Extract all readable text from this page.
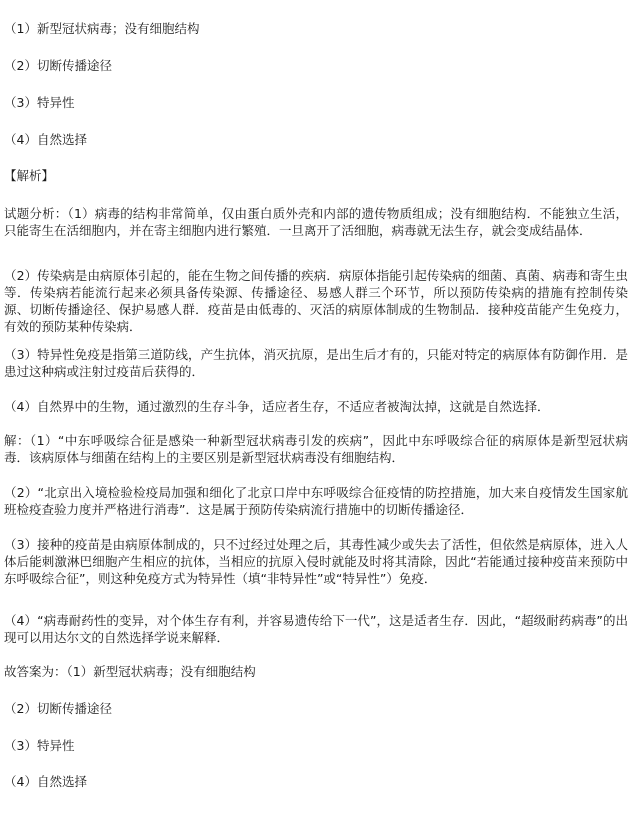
（1）新型冠状病毒；没有细胞结构
（2）切断传播途径
（3）特异性
（4）自然选择
【解析】
试题分析：（1）病毒的结构非常简单，仅由蛋白质外壳和内部的遗传物质组成；没有细胞结构．不能独立生活，只能寄生在活细胞内，并在寄主细胞内进行繁殖．一旦离开了活细胞，病毒就无法生存，就会变成结晶体．
（2）传染病是由病原体引起的，能在生物之间传播的疾病．病原体指能引起传染病的细菌、真菌、病毒和寄生虫等．传染病若能流行起来必须具备传染源、传播途径、易感人群三个环节，所以预防传染病的措施有控制传染源、切断传播途径、保护易感人群．疫苗是由低毒的、灭活的病原体制成的生物制品．接种疫苗能产生免疫力，有效的预防某种传染病．
（3）特异性免疫是指第三道防线，产生抗体，消灭抗原，是出生后才有的，只能对特定的病原体有防御作用．是患过这种病或注射过疫苗后获得的．
（4）自然界中的生物，通过激烈的生存斗争，适应者生存，不适应者被淘汰掉，这就是自然选择．
解：（1）“中东呼吸综合征是感染一种新型冠状病毒引发的疾病”，因此中东呼吸综合征的病原体是新型冠状病毒．该病原体与细菌在结构上的主要区别是新型冠状病毒没有细胞结构．
（2）“北京出入境检验检疫局加强和细化了北京口岸中东呼吸综合征疫情的防控措施，加大来自疫情发生国家航班检疫查验力度并严格进行消毒”．这是属于预防传染病流行措施中的切断传播途径．
（3）接种的疫苗是由病原体制成的，只不过经过处理之后，其毒性减少或失去了活性，但依然是病原体，进入人体后能刺激淋巴细胞产生相应的抗体，当相应的抗原入侵时就能及时将其清除，因此“若能通过接种疫苗来预防中东呼吸综合征”，则这种免疫方式为特异性（填“非特异性”或“特异性”）免疫．
（4）“病毒耐药性的变异，对个体生存有利，并容易遗传给下一代”，这是适者生存．因此，“超级耐药病毒”的出现可以用达尔文的自然选择学说来解释．
故答案为：（1）新型冠状病毒；没有细胞结构
（2）切断传播途径
（3）特异性
（4）自然选择
